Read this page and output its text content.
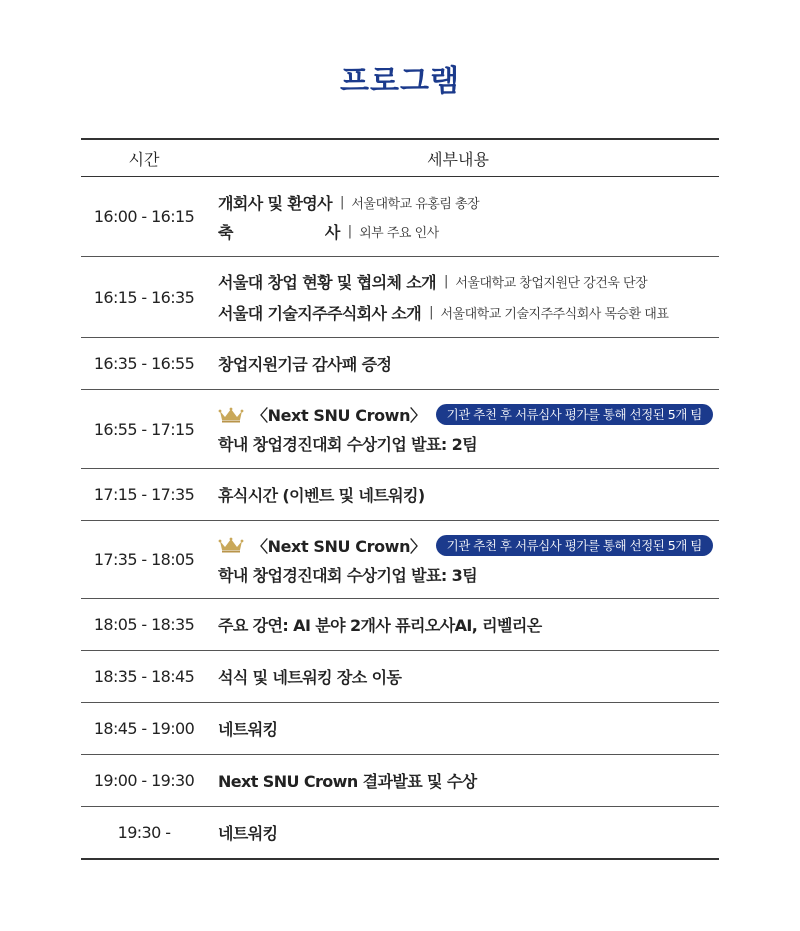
프로그램
시간	세부내용
16:00 - 16:15
개회사 및 환영사 | 서울대학교 유홍림 총장
축	사 | 외부 주요 인사
16:15 - 16:35
서울대 창업 현황 및 협의체 소개 | 서울대학교 창업지원단 강건욱 단장
서울대 기술지주주식회사 소개 | 서울대학교 기술지주주식회사 목승환 대표
16:35 - 16:55	창업지원기금 감사패 증정
16:55 - 17:15
〈Next SNU Crown〉	기관 추천 후 서류심사 평가를 통해 선정된 5개 팀
학내 창업경진대회 수상기업 발표: 2팀
17:15 - 17:35	휴식시간 (이벤트 및 네트워킹)
17:35 - 18:05
〈Next SNU Crown〉	기관 추천 후 서류심사 평가를 통해 선정된 5개 팀
학내 창업경진대회 수상기업 발표: 3팀
18:05 - 18:35	주요 강연: AI 분야 2개사 퓨리오사AI, 리벨리온
18:35 - 18:45	석식 및 네트워킹 장소 이동
18:45 - 19:00	네트워킹
19:00 - 19:30	Next SNU Crown 결과발표 및 수상
19:30 -	네트워킹
